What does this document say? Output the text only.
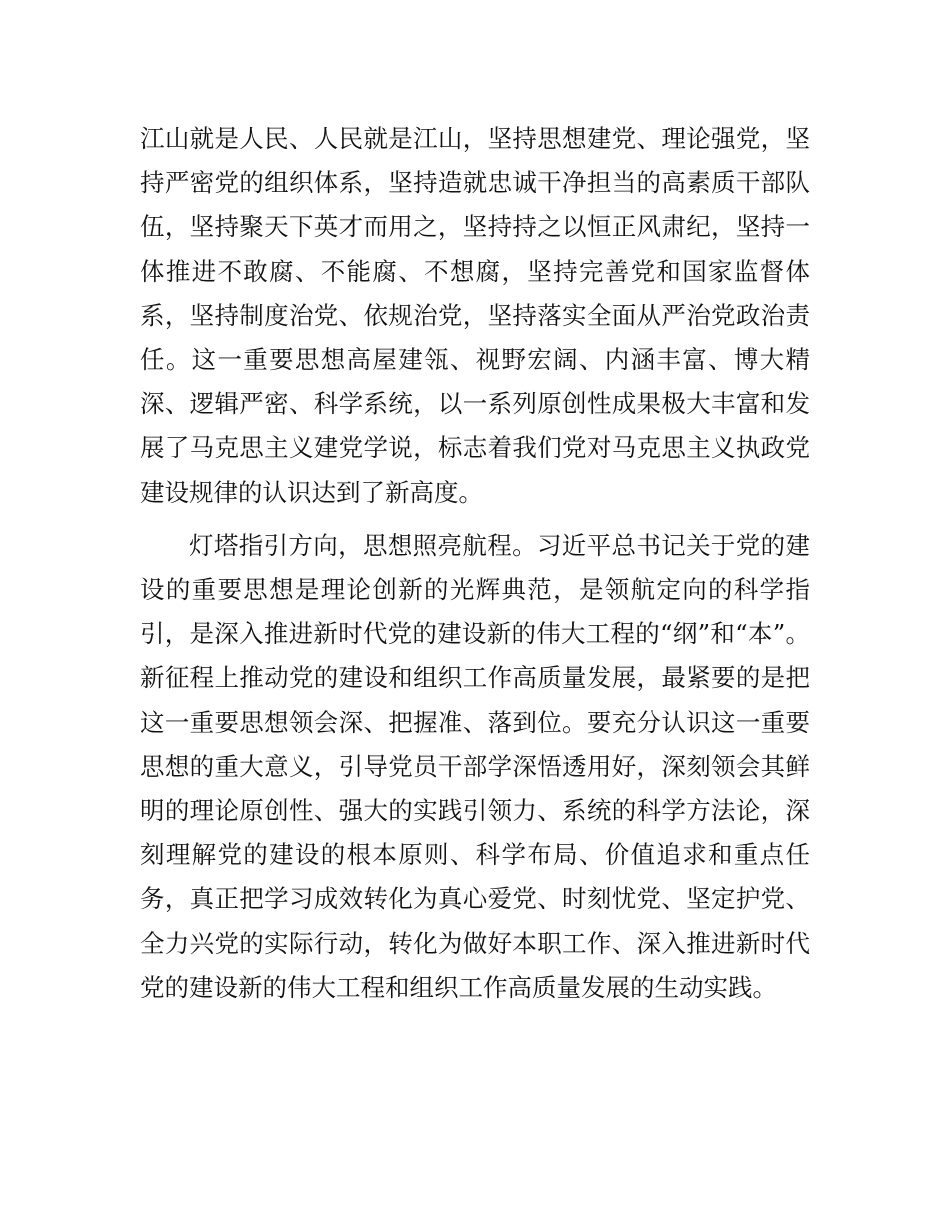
江山就是人民、人民就是江山，坚持思想建党、理论强党，坚持严密党的组织体系，坚持造就忠诚干净担当的高素质干部队伍，坚持聚天下英才而用之，坚持持之以恒正风肃纪，坚持一体推进不敢腐、不能腐、不想腐，坚持完善党和国家监督体系，坚持制度治党、依规治党，坚持落实全面从严治党政治责任。这一重要思想高屋建瓴、视野宏阔、内涵丰富、博大精深、逻辑严密、科学系统，以一系列原创性成果极大丰富和发展了马克思主义建党学说，标志着我们党对马克思主义执政党建设规律的认识达到了新高度。

灯塔指引方向，思想照亮航程。习近平总书记关于党的建设的重要思想是理论创新的光辉典范，是领航定向的科学指引，是深入推进新时代党的建设新的伟大工程的“纲”和“本”。新征程上推动党的建设和组织工作高质量发展，最紧要的是把这一重要思想领会深、把握准、落到位。要充分认识这一重要思想的重大意义，引导党员干部学深悟透用好，深刻领会其鲜明的理论原创性、强大的实践引领力、系统的科学方法论，深刻理解党的建设的根本原则、科学布局、价值追求和重点任务，真正把学习成效转化为真心爱党、时刻忧党、坚定护党、全力兴党的实际行动，转化为做好本职工作、深入推进新时代党的建设新的伟大工程和组织工作高质量发展的生动实践。
